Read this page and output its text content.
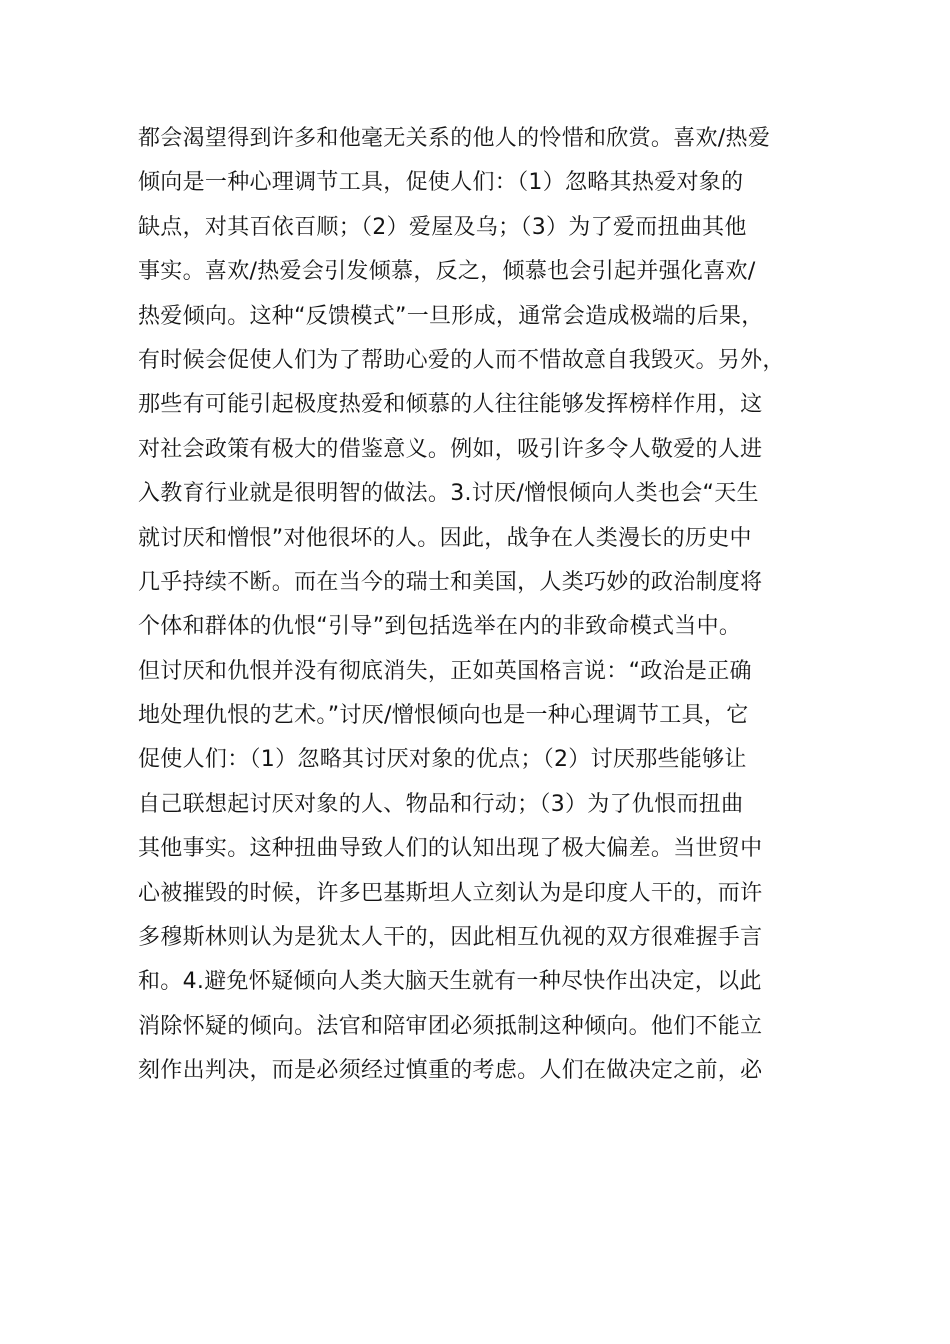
都会渴望得到许多和他毫无关系的他人的怜惜和欣赏。喜欢/热爱
倾向是一种心理调节工具，促使人们：（1）忽略其热爱对象的
缺点，对其百依百顺；（2）爱屋及乌；（3）为了爱而扭曲其他
事实。喜欢/热爱会引发倾慕，反之，倾慕也会引起并强化喜欢/
热爱倾向。这种“反馈模式”一旦形成，通常会造成极端的后果，
有时候会促使人们为了帮助心爱的人而不惜故意自我毁灭。另外，
那些有可能引起极度热爱和倾慕的人往往能够发挥榜样作用，这
对社会政策有极大的借鉴意义。例如，吸引许多令人敬爱的人进
入教育行业就是很明智的做法。3.讨厌/憎恨倾向人类也会“天生
就讨厌和憎恨”对他很坏的人。因此，战争在人类漫长的历史中
几乎持续不断。而在当今的瑞士和美国，人类巧妙的政治制度将
个体和群体的仇恨“引导”到包括选举在内的非致命模式当中。
但讨厌和仇恨并没有彻底消失，正如英国格言说：“政治是正确
地处理仇恨的艺术。”讨厌/憎恨倾向也是一种心理调节工具，它
促使人们：（1）忽略其讨厌对象的优点；（2）讨厌那些能够让
自己联想起讨厌对象的人、物品和行动；（3）为了仇恨而扭曲
其他事实。这种扭曲导致人们的认知出现了极大偏差。当世贸中
心被摧毁的时候，许多巴基斯坦人立刻认为是印度人干的，而许
多穆斯林则认为是犹太人干的，因此相互仇视的双方很难握手言
和。4.避免怀疑倾向人类大脑天生就有一种尽快作出决定，以此
消除怀疑的倾向。法官和陪审团必须抵制这种倾向。他们不能立
刻作出判决，而是必须经过慎重的考虑。人们在做决定之前，必
